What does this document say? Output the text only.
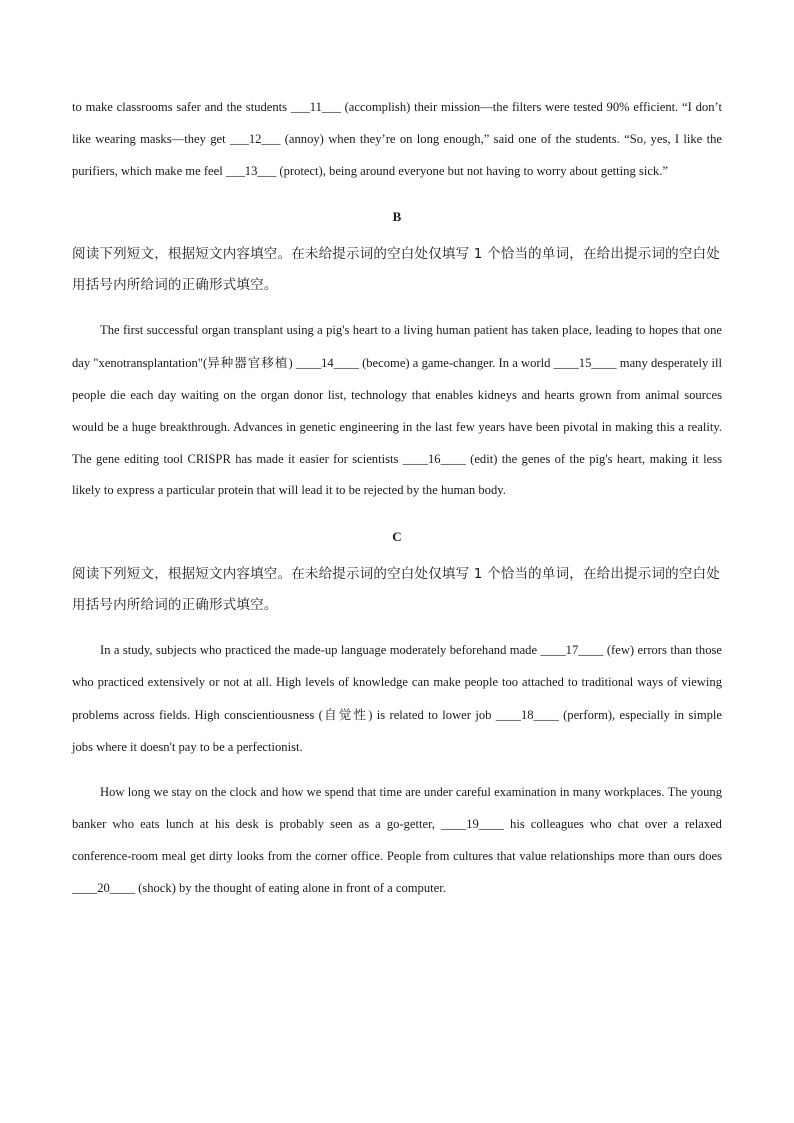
to make classrooms safer and the students ___11___ (accomplish) their mission—the filters were tested 90% efficient. “I don’t like wearing masks—they get ___12___ (annoy) when they’re on long enough,” said one of the students. “So, yes, I like the purifiers, which make me feel ___13___ (protect), being around everyone but not having to worry about getting sick.”

B

阅读下列短文，根据短文内容填空。在未给提示词的空白处仅填写 1 个恰当的单词，在给出提示词的空白处用括号内所给词的正确形式填空。

The first successful organ transplant using a pig's heart to a living human patient has taken place, leading to hopes that one day "xenotransplantation"(异种器官移植) ____14____ (become) a game-changer. In a world ____15____ many desperately ill people die each day waiting on the organ donor list, technology that enables kidneys and hearts grown from animal sources would be a huge breakthrough. Advances in genetic engineering in the last few years have been pivotal in making this a reality. The gene editing tool CRISPR has made it easier for scientists ____16____ (edit) the genes of the pig's heart, making it less likely to express a particular protein that will lead it to be rejected by the human body.

C

阅读下列短文，根据短文内容填空。在未给提示词的空白处仅填写 1 个恰当的单词，在给出提示词的空白处用括号内所给词的正确形式填空。

In a study, subjects who practiced the made-up language moderately beforehand made ____17____ (few) errors than those who practiced extensively or not at all. High levels of knowledge can make people too attached to traditional ways of viewing problems across fields. High conscientiousness (自觉性) is related to lower job ____18____ (perform), especially in simple jobs where it doesn't pay to be a perfectionist.

How long we stay on the clock and how we spend that time are under careful examination in many workplaces. The young banker who eats lunch at his desk is probably seen as a go-getter, ____19____ his colleagues who chat over a relaxed conference-room meal get dirty looks from the corner office. People from cultures that value relationships more than ours does ____20____ (shock) by the thought of eating alone in front of a computer.
